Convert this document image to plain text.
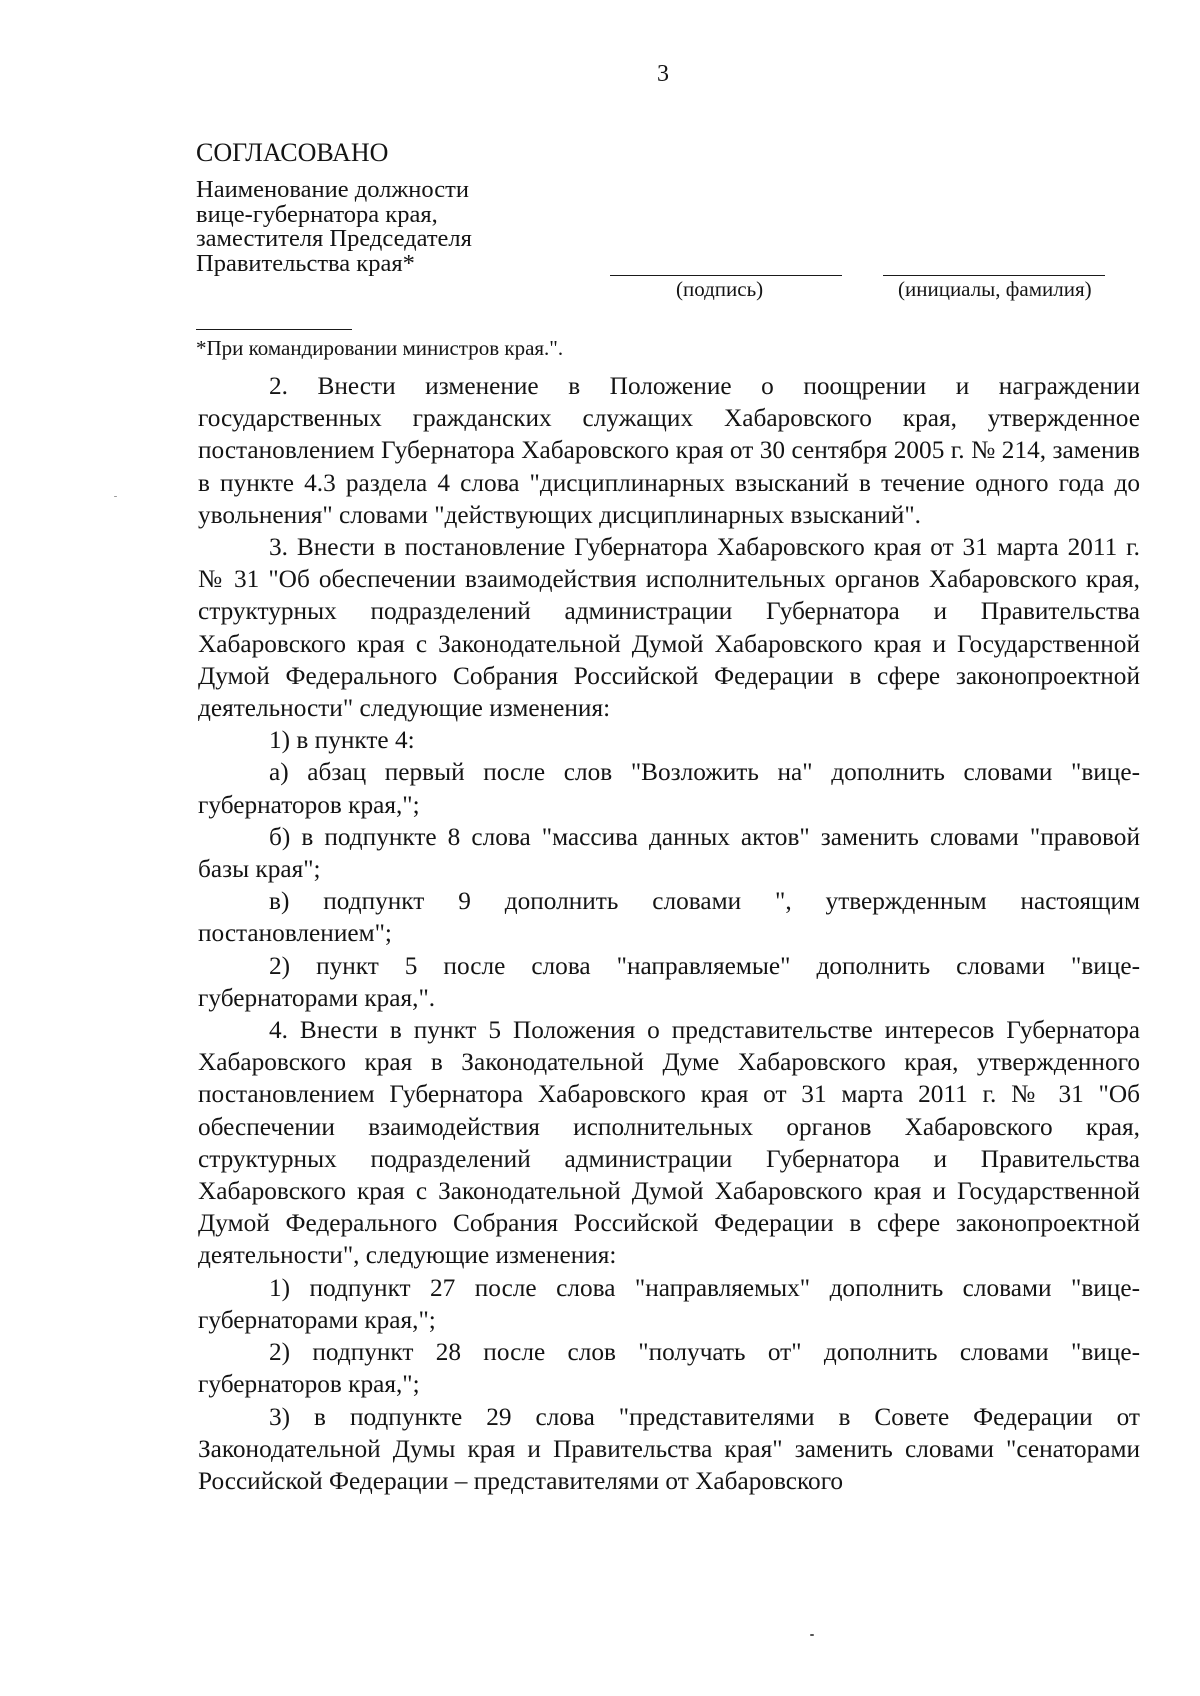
3
СОГЛАСОВАНО
Наименование должности
вице-губернатора края,
заместителя Председателя
Правительства края*
(подпись)	(инициалы, фамилия)
*При командировании министров края.".

2. Внести изменение в Положение о поощрении и награждении государственных гражданских служащих Хабаровского края, утвержденное постановлением Губернатора Хабаровского края от 30 сентября 2005 г. № 214, заменив в пункте 4.3 раздела 4 слова "дисциплинарных взысканий в течение одного года до увольнения" словами "действующих дисциплинарных взысканий".

3. Внести в постановление Губернатора Хабаровского края от 31 марта 2011 г. № 31 "Об обеспечении взаимодействия исполнительных органов Хабаровского края, структурных подразделений администрации Губернатора и Правительства Хабаровского края с Законодательной Думой Хабаровского края и Государственной Думой Федерального Собрания Российской Федерации в сфере законопроектной деятельности" следующие изменения:

1) в пункте 4:

а) абзац первый после слов "Возложить на" дополнить словами "вице-губернаторов края,";

б) в подпункте 8 слова "массива данных актов" заменить словами "правовой базы края";

в) подпункт 9 дополнить словами ", утвержденным настоящим постановлением";

2) пункт 5 после слова "направляемые" дополнить словами "вице-губернаторами края,".

4. Внести в пункт 5 Положения о представительстве интересов Губернатора Хабаровского края в Законодательной Думе Хабаровского края, утвержденного постановлением Губернатора Хабаровского края от 31 марта 2011 г. № 31 "Об обеспечении взаимодействия исполнительных органов Хабаровского края, структурных подразделений администрации Губернатора и Правительства Хабаровского края с Законодательной Думой Хабаровского края и Государственной Думой Федерального Собрания Российской Федерации в сфере законопроектной деятельности", следующие изменения:

1) подпункт 27 после слова "направляемых" дополнить словами "вице-губернаторами края,";

2) подпункт 28 после слов "получать от" дополнить словами "вице-губернаторов края,";

3) в подпункте 29 слова "представителями в Совете Федерации от Законодательной Думы края и Правительства края" заменить словами "сенаторами Российской Федерации – представителями от Хабаровского
